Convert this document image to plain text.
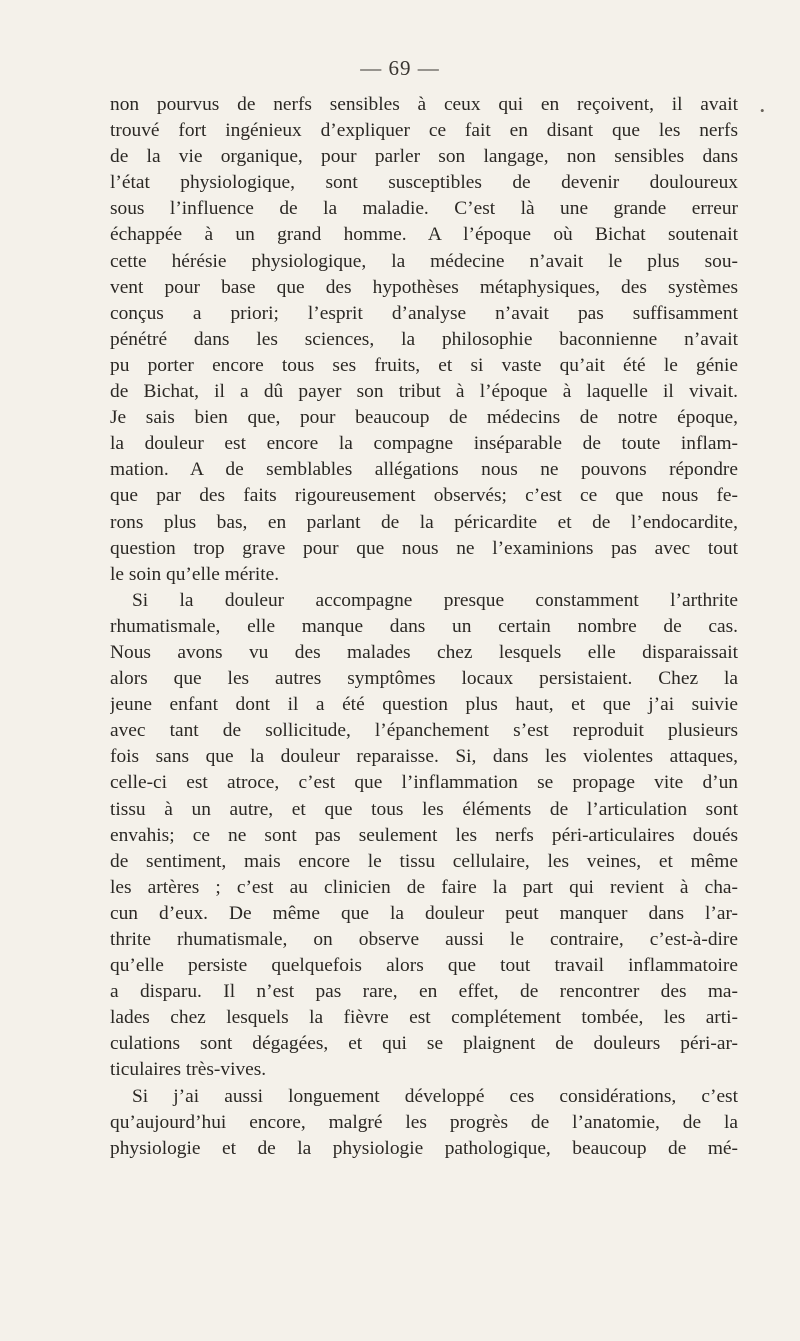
— 69 —
•
non pourvus de nerfs sensibles à ceux qui en reçoivent, il avait
trouvé fort ingénieux d’expliquer ce fait en disant que les nerfs
de la vie organique, pour parler son langage, non sensibles dans
l’état physiologique, sont susceptibles de devenir douloureux
sous l’influence de la maladie. C’est là une grande erreur
échappée à un grand homme. A l’époque où Bichat soutenait
cette hérésie physiologique, la médecine n’avait le plus sou-
vent pour base que des hypothèses métaphysiques, des systèmes
conçus a priori; l’esprit d’analyse n’avait pas suffisamment
pénétré dans les sciences, la philosophie baconnienne n’avait
pu porter encore tous ses fruits, et si vaste qu’ait été le génie
de Bichat, il a dû payer son tribut à l’époque à laquelle il vivait.
Je sais bien que, pour beaucoup de médecins de notre époque,
la douleur est encore la compagne inséparable de toute inflam-
mation. A de semblables allégations nous ne pouvons répondre
que par des faits rigoureusement observés; c’est ce que nous fe-
rons plus bas, en parlant de la péricardite et de l’endocardite,
question trop grave pour que nous ne l’examinions pas avec tout
le soin qu’elle mérite.
Si la douleur accompagne presque constamment l’arthrite
rhumatismale, elle manque dans un certain nombre de cas.
Nous avons vu des malades chez lesquels elle disparaissait
alors que les autres symptômes locaux persistaient. Chez la
jeune enfant dont il a été question plus haut, et que j’ai suivie
avec tant de sollicitude, l’épanchement s’est reproduit plusieurs
fois sans que la douleur reparaisse. Si, dans les violentes attaques,
celle-ci est atroce, c’est que l’inflammation se propage vite d’un
tissu à un autre, et que tous les éléments de l’articulation sont
envahis; ce ne sont pas seulement les nerfs péri-articulaires doués
de sentiment, mais encore le tissu cellulaire, les veines, et même
les artères ; c’est au clinicien de faire la part qui revient à cha-
cun d’eux. De même que la douleur peut manquer dans l’ar-
thrite rhumatismale, on observe aussi le contraire, c’est-à-dire
qu’elle persiste quelquefois alors que tout travail inflammatoire
a disparu. Il n’est pas rare, en effet, de rencontrer des ma-
lades chez lesquels la fièvre est complétement tombée, les arti-
culations sont dégagées, et qui se plaignent de douleurs péri-ar-
ticulaires très-vives.
Si j’ai aussi longuement développé ces considérations, c’est
qu’aujourd’hui encore, malgré les progrès de l’anatomie, de la
physiologie et de la physiologie pathologique, beaucoup de mé-
